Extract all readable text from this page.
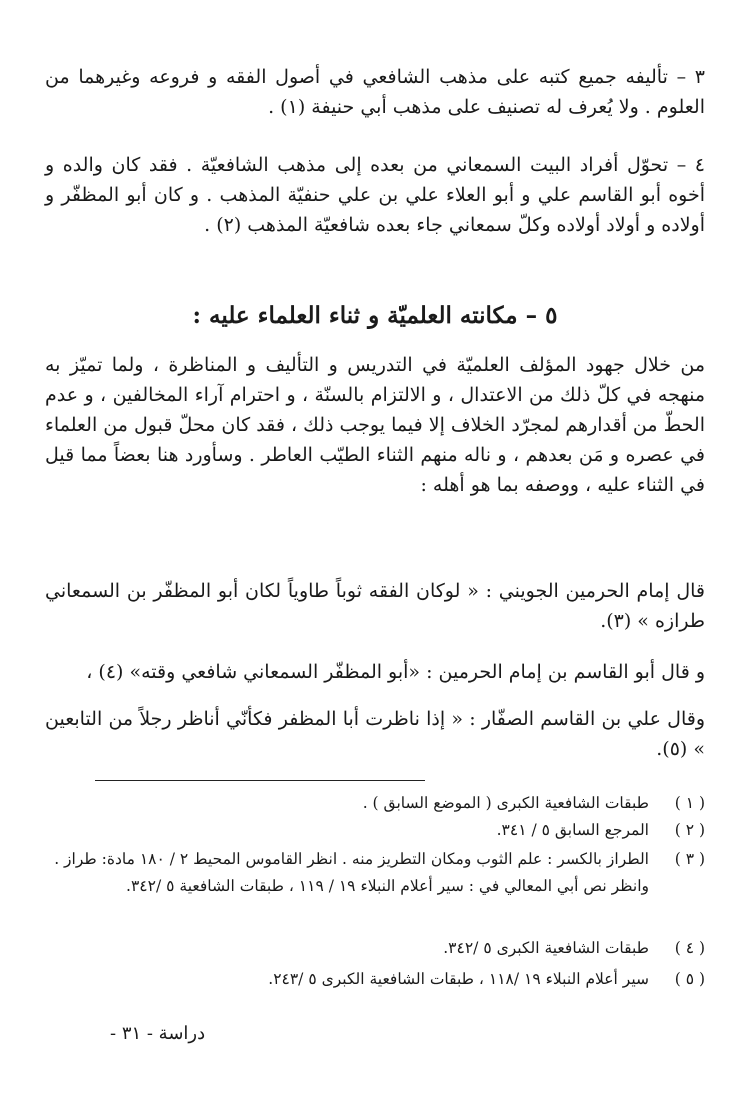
٣ – تأليفه جميع كتبه على مذهب الشافعي في أصول الفقه و فروعه وغيرهما من العلوم . ولا يُعرف له تصنيف على مذهب أبي حنيفة (١) .

٤ – تحوّل أفراد البيت السمعاني من بعده إلى مذهب الشافعيّة . فقد كان والده و أخوه أبو القاسم علي و أبو العلاء علي بن علي حنفيّة المذهب . و كان أبو المظفّر و أولاده و أولاد أولاده وكلّ سمعاني جاء بعده شافعيّة المذهب (٢) .

٥ – مكانته العلميّة و ثناء العلماء عليه :

من خلال جهود المؤلف العلميّة في التدريس و التأليف و المناظرة ، ولما تميّز به منهجه في كلّ ذلك من الاعتدال ، و الالتزام بالسنّة ، و احترام آراء المخالفين ، و عدم الحطّ من أقدارهم لمجرّد الخلاف إلا فيما يوجب ذلك ، فقد كان محلّ قبول من العلماء في عصره و مَن بعدهم ، و ناله منهم الثناء الطيّب العاطر . وسأورد هنا بعضاً مما قيل في الثناء عليه ، ووصفه بما هو أهله :

قال إمام الحرمين الجويني : « لوكان الفقه ثوباً طاوياً لكان أبو المظفّر بن السمعاني طرازه » (٣).

و قال أبو القاسم بن إمام الحرمين : «أبو المظفّر السمعاني شافعي وقته» (٤) ،

وقال علي بن القاسم الصفّار : « إذا ناظرت أبا المظفر فكأنّي أناظر رجلاً من التابعين » (٥).

( ١ )
طبقات الشافعية الكبرى ( الموضع السابق ) .
( ٢ )
المرجع السابق ٥ / ٣٤١.
( ٣ )
الطراز بالكسر : علم الثوب ومكان التطريز منه . انظر القاموس المحيط ٢ / ١٨٠ مادة: طراز . وانظر نص أبي المعالي في : سير أعلام النبلاء ١٩ / ١١٩ ، طبقات الشافعية ٥ /٣٤٢.
( ٤ )
طبقات الشافعية الكبرى ٥ /٣٤٢.
( ٥ )
سير أعلام النبلاء ١٩ /١١٨ ، طبقات الشافعية الكبرى ٥ /٢٤٣.
دراسة - ٣١ -
